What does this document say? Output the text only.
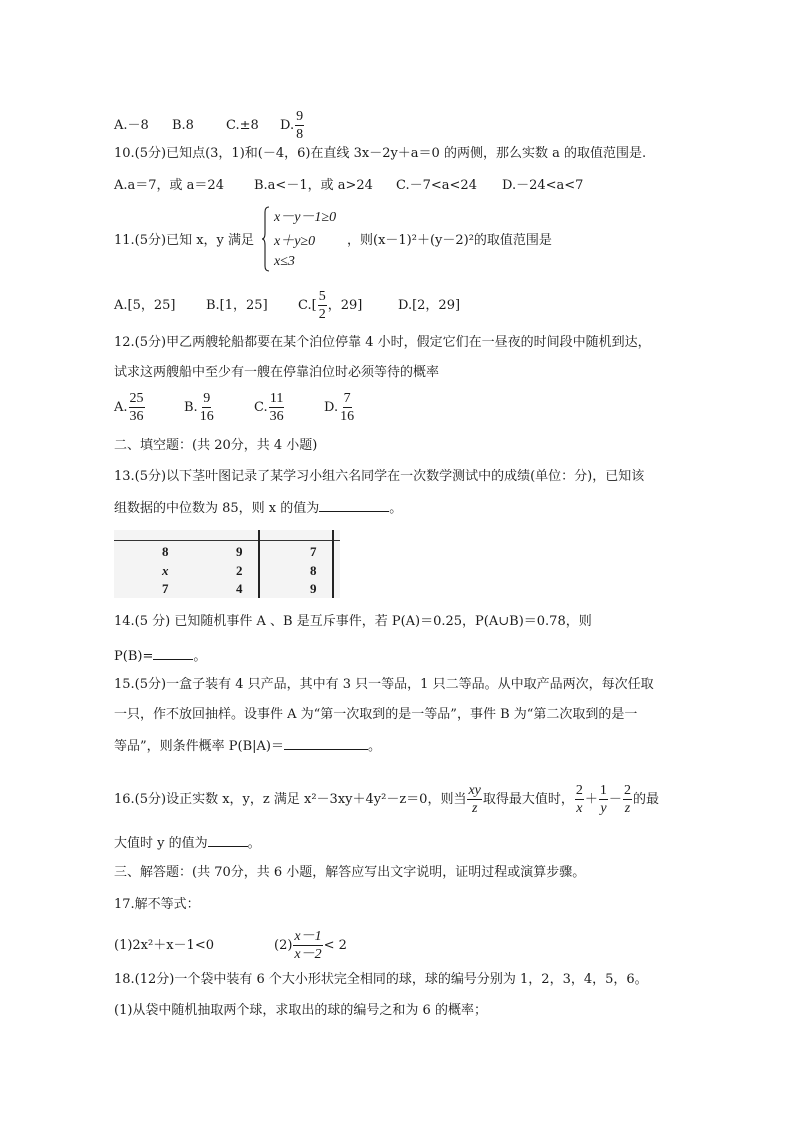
A.－8 B.8 C.±8 D. $\frac{9}{8}$
10.(5分)已知点(3，1)和(－4，6)在直线 3x－2y＋a＝0 的两侧，那么实数 a 的取值范围是.
A.a＝7，或 a＝24 B.a<－1，或 a>24 C.－7<a<24 D.－24<a<7
11.(5分)已知 x，y 满足
x－y－1≥0
x＋y≥0
x≤3
，则(x－1)²＋(y－2)²的取值范围是
A.[5，25] B.[1，25] $C.[ \frac{5}{2}$ ，29]	D.[2，29]
12.(5分)甲乙两艘轮船都要在某个泊位停靠 4 小时，假定它们在一昼夜的时间段中随机到达，
试求这两艘船中至少有一艘在停靠泊位时必须等待的概率
A. $\frac{25}{36}$	B. $\frac{9}{16}$	C. $\frac{11}{36}$	D. $\frac{7}{16}$
二、填空题：(共 20分，共 4 小题)
13.(5分)以下茎叶图记录了某学习小组六名同学在一次数学测试中的成绩(单位：分)，已知该
组数据的中位数为 85，则 x 的值为	。
8	9	7
x	2	8
7	4	9
14.(5 分) 已知随机事件 A 、B 是互斥事件，若 P(A)＝0.25，P(A∪B)＝0.78，则
P(B)=	。
15.(5分)一盒子装有 4 只产品，其中有 3 只一等品，1 只二等品。从中取产品两次，每次任取
一只，作不放回抽样。设事件 A 为“第一次取到的是一等品”，事件 B 为“第二次取到的是一
等品”，则条件概率 P(B|A)＝	。
16.(5分)设正实数 x，y，z 满足 x²－3xy＋4y²－z＝0，则当 $\frac{xy}{z}$ 取得最大值时， $\frac{2}{x} + \frac{1}{y} - \frac{2}{z}$ 的最
大值时 y 的值为	。
三、解答题：(共 70分，共 6 小题，解答应写出文字说明，证明过程或演算步骤。
17.解不等式：
(1)2x²＋x－1<0	$(2) \frac{x-1}{x-2} < 2$
18.(12分)一个袋中装有 6 个大小形状完全相同的球，球的编号分别为 1，2，3，4，5，6。
(1)从袋中随机抽取两个球，求取出的球的编号之和为 6 的概率；
